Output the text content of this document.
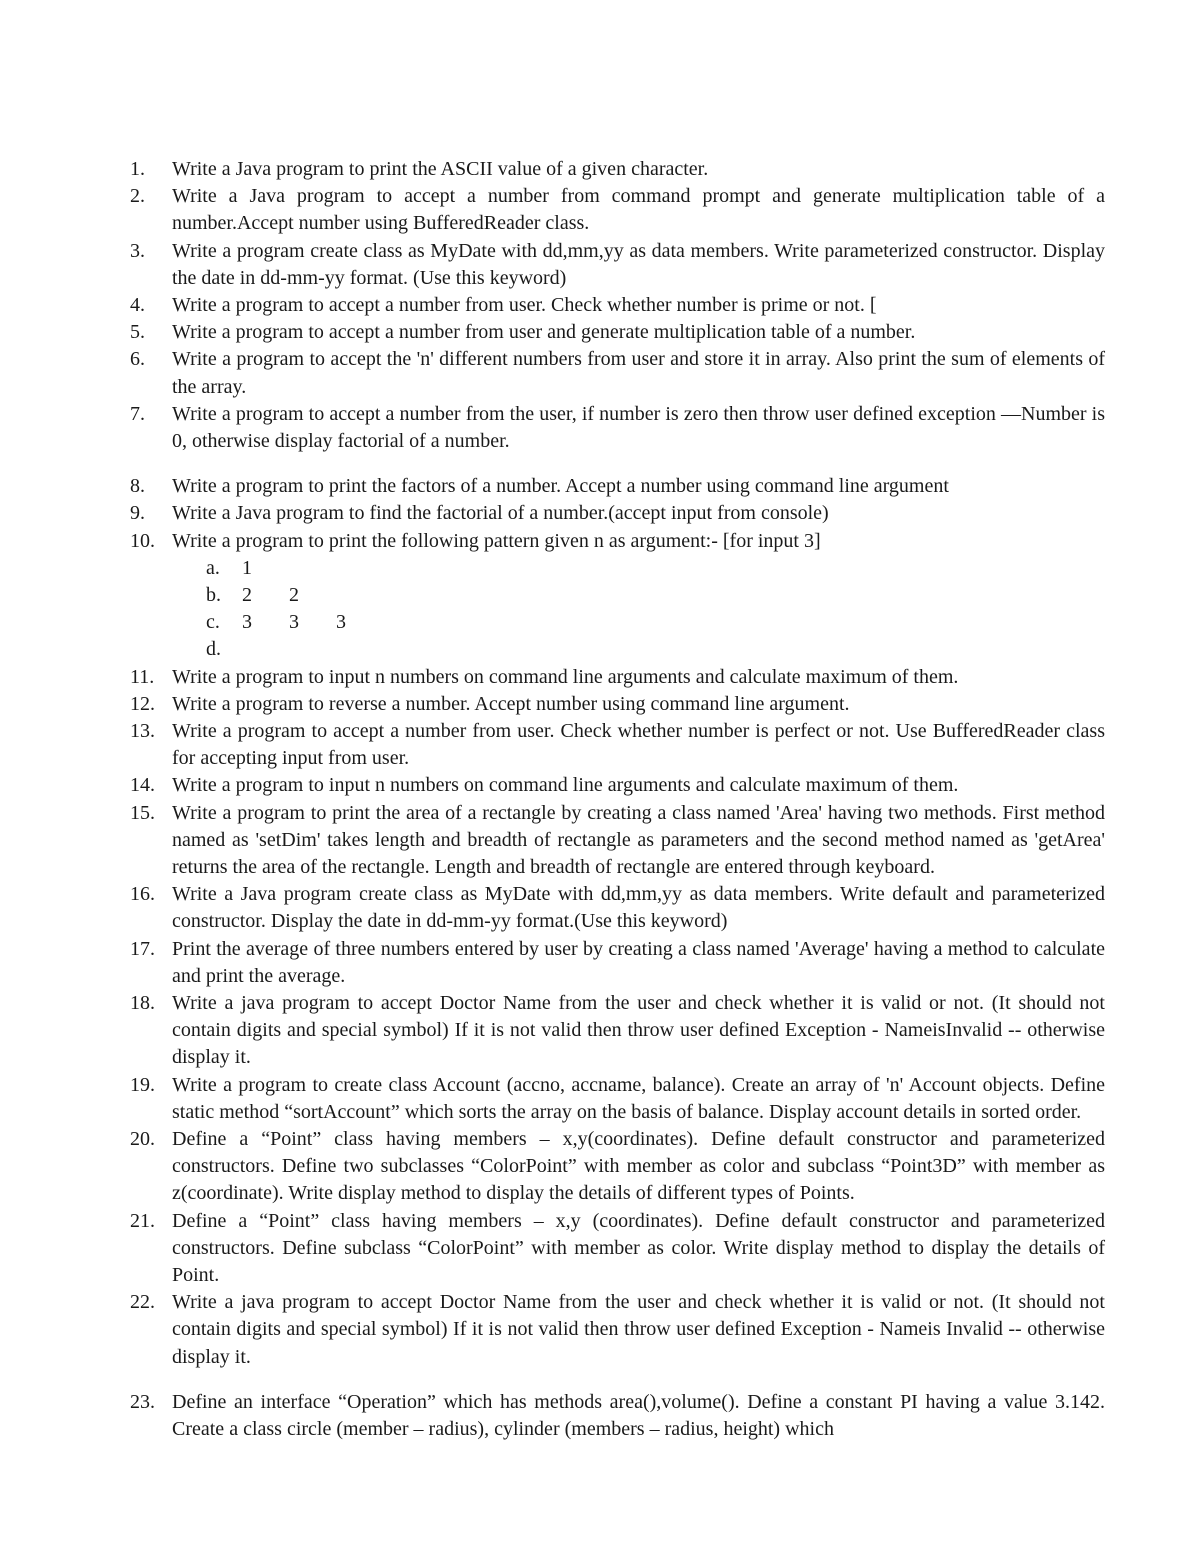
1.	Write a Java program to print the ASCII value of a given character.
2.	Write a Java program to accept a number from command prompt and generate multiplication table of a number.Accept number using BufferedReader class.
3.	Write a program create class as MyDate with dd,mm,yy as data members. Write parameterized constructor. Display the date in dd-mm-yy format. (Use this keyword)
4.	Write a program to accept a number from user. Check whether number is prime or not. [
5.	Write a program to accept a number from user and generate multiplication table of a number.
6.	Write a program to accept the 'n' different numbers from user and store it in array. Also print the sum of elements of the array.
7.	Write a program to accept a number from the user, if number is zero then throw user defined exception ―Number is 0, otherwise display factorial of a number.
8.	Write a program to print the factors of a number. Accept a number using command line argument
9.	Write a Java program to find the factorial of a number.(accept input from console)
10. Write a program to print the following pattern given n as argument:- [for input 3]
a. 1
b. 2 2
c. 3 3 3
d.
11. Write a program to input n numbers on command line arguments and calculate maximum of them.
12. Write a program to reverse a number. Accept number using command line argument.
13. Write a program to accept a number from user. Check whether number is perfect or not. Use BufferedReader class for accepting input from user.
14. Write a program to input n numbers on command line arguments and calculate maximum of them.
15. Write a program to print the area of a rectangle by creating a class named 'Area' having two methods. First method named as 'setDim' takes length and breadth of rectangle as parameters and the second method named as 'getArea' returns the area of the rectangle. Length and breadth of rectangle are entered through keyboard.
16. Write a Java program create class as MyDate with dd,mm,yy as data members. Write default and parameterized constructor. Display the date in dd-mm-yy format.(Use this keyword)
17. Print the average of three numbers entered by user by creating a class named 'Average' having a method to calculate and print the average.
18. Write a java program to accept Doctor Name from the user and check whether it is valid or not. (It should not contain digits and special symbol) If it is not valid then throw user defined Exception - NameisInvalid -- otherwise display it.
19. Write a program to create class Account (accno, accname, balance). Create an array of 'n' Account objects. Define static method “sortAccount” which sorts the array on the basis of balance. Display account details in sorted order.
20. Define a “Point” class having members – x,y(coordinates). Define default constructor and parameterized constructors. Define two subclasses “ColorPoint” with member as color and subclass “Point3D” with member as z(coordinate). Write display method to display the details of different types of Points.
21. Define a “Point” class having members – x,y (coordinates). Define default constructor and parameterized constructors. Define subclass “ColorPoint” with member as color. Write display method to display the details of Point.
22. Write a java program to accept Doctor Name from the user and check whether it is valid or not. (It should not contain digits and special symbol) If it is not valid then throw user defined Exception - Nameis Invalid -- otherwise display it.
23. Define an interface “Operation” which has methods area(),volume(). Define a constant PI having a value 3.142. Create a class circle (member – radius), cylinder (members – radius, height) which
